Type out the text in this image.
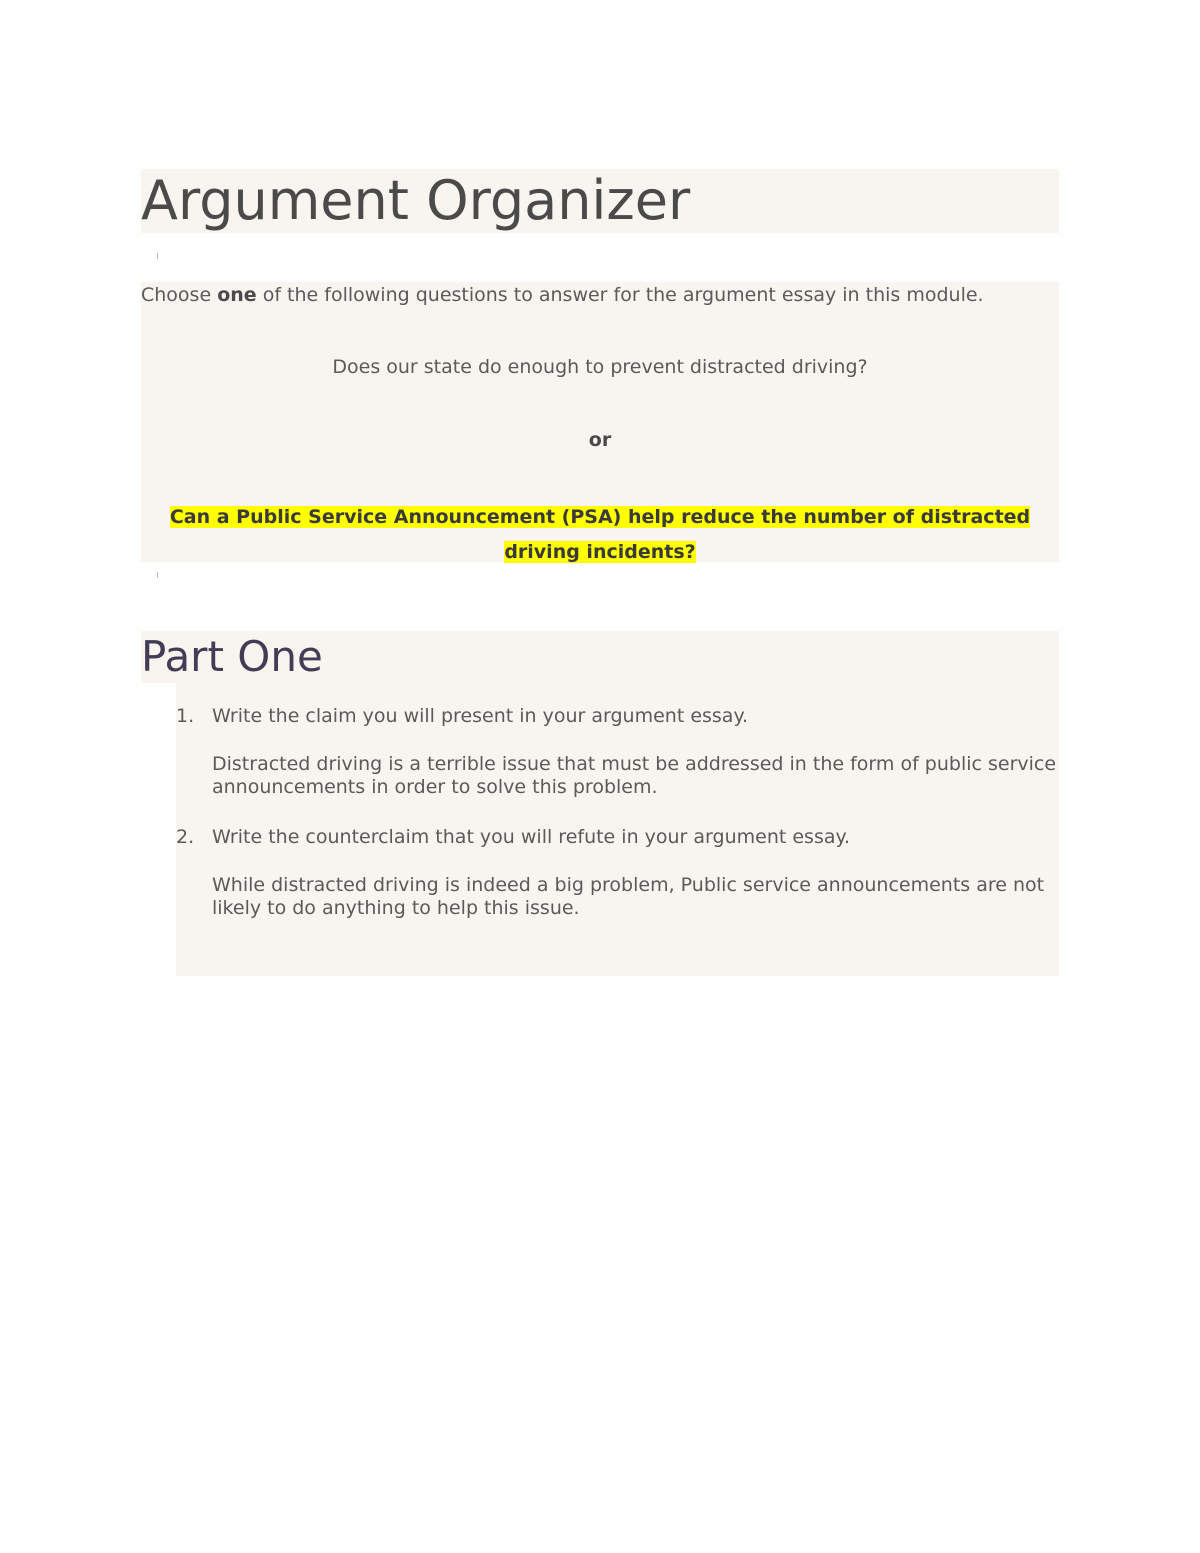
Argument Organizer

Choose one of the following questions to answer for the argument essay in this module.

Does our state do enough to prevent distracted driving?

or

Can a Public Service Announcement (PSA) help reduce the number of distracted driving incidents?

Part One
1. Write the claim you will present in your argument essay.

Distracted driving is a terrible issue that must be addressed in the form of public service announcements in order to solve this problem.

2. Write the counterclaim that you will refute in your argument essay.

While distracted driving is indeed a big problem, Public service announcements are not likely to do anything to help this issue.
